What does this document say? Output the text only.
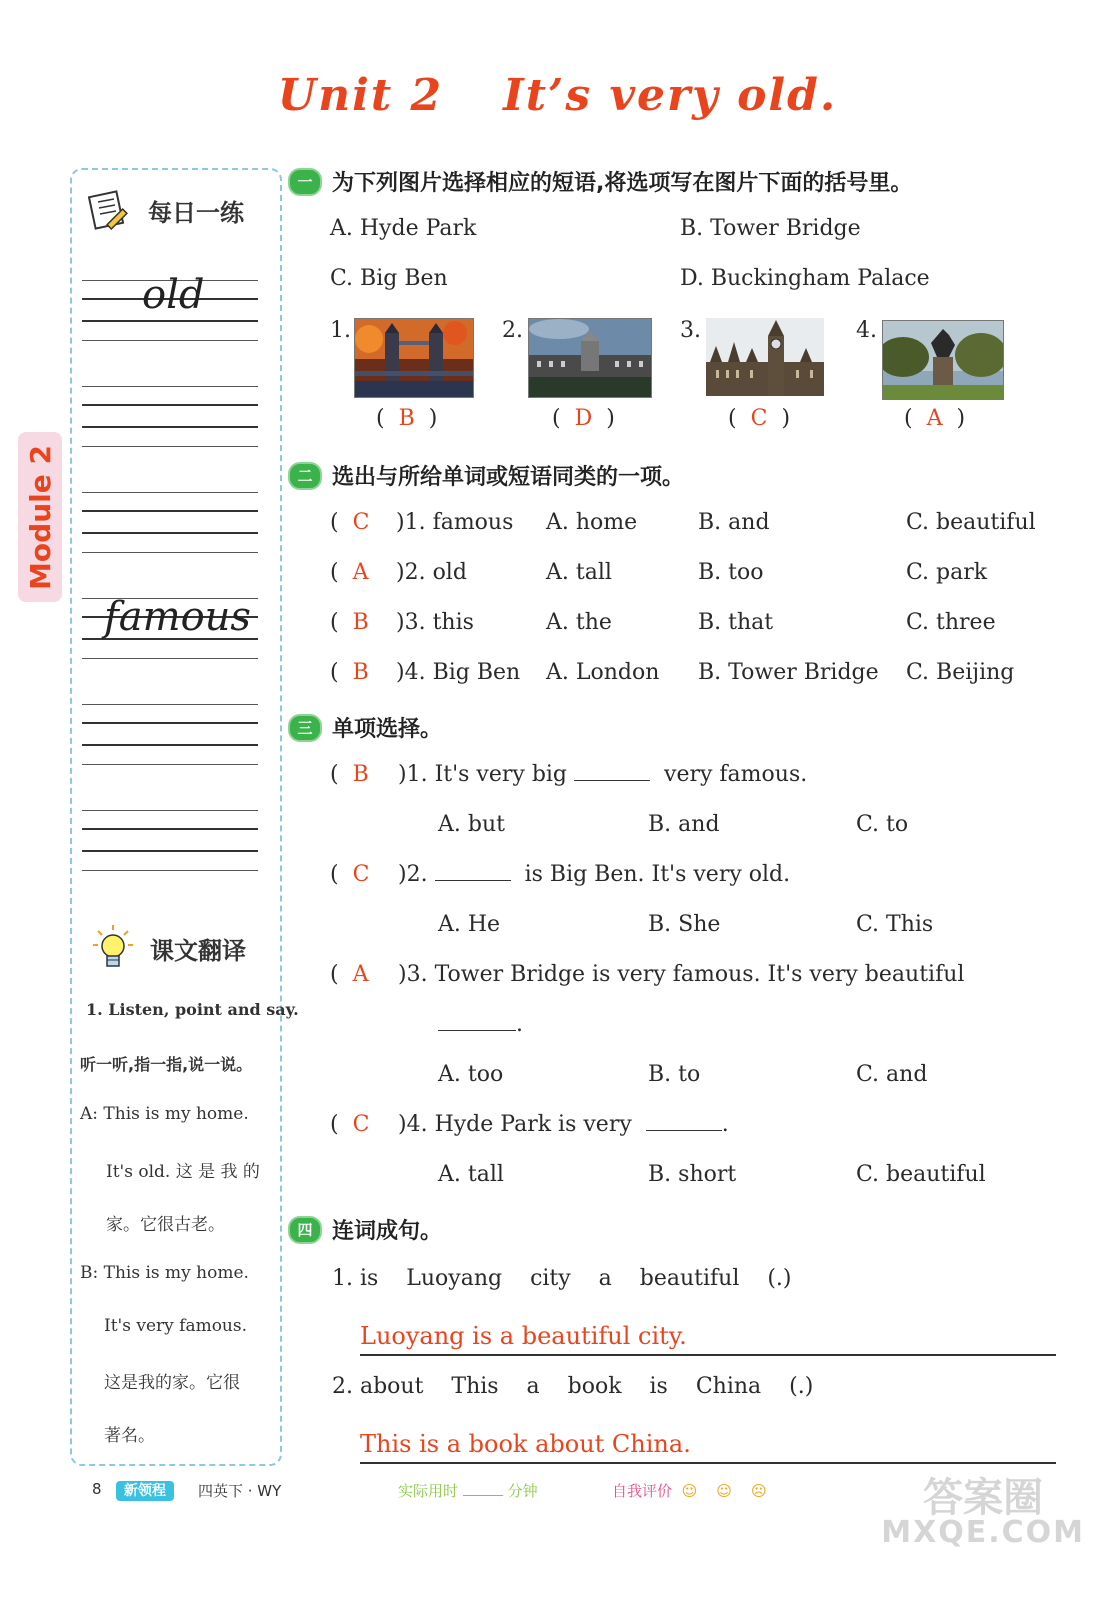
Unit 2 It’s very old.
Module 2
每日一练
old
famous
课文翻译
1. Listen, point and say.
听一听,指一指,说一说。
A: This is my home.
It's old. 这 是 我 的
家。它很古老。
B: This is my home.
It's very famous.
这是我的家。它很
著名。
一 为下列图片选择相应的短语,将选项写在图片下面的括号里。
A. Hyde Park	B. Tower Bridge
C. Big Ben	D. Buckingham Palace
1.
( B )
2.
( D )
3.
( C )
4.
( A )
二 选出与所给单词或短语同类的一项。
( C )1. famous A. home	B. and	C. beautiful
( A )2. old	A. tall	B. too	C. park
( B )3. this	A. the	B. that	C. three
( B )4. Big Ben A. London B. Tower Bridge C. Beijing
三 单项选择。
( B	)1. It's very big	very famous.
A. but	B. and	C. to
( C	)2.	is Big Ben. It's very old.
A. He	B. She	C. This
( A	)3. Tower Bridge is very famous. It's very beautiful
.
A. too	B. to	C. and
( C	)4. Hyde Park is very	.
A. tall	B. short	C. beautiful
四 连词成句。
1. is    Luoyang    city    a    beautiful    (.)
Luoyang is a beautiful city.
2. about    This    a    book    is    China    (.)
This is a book about China.
8	新领程	四英下 · WY	实际用时	分钟	自我评价 ☺ ☺ ☹	答案圈
MXQE.COM
